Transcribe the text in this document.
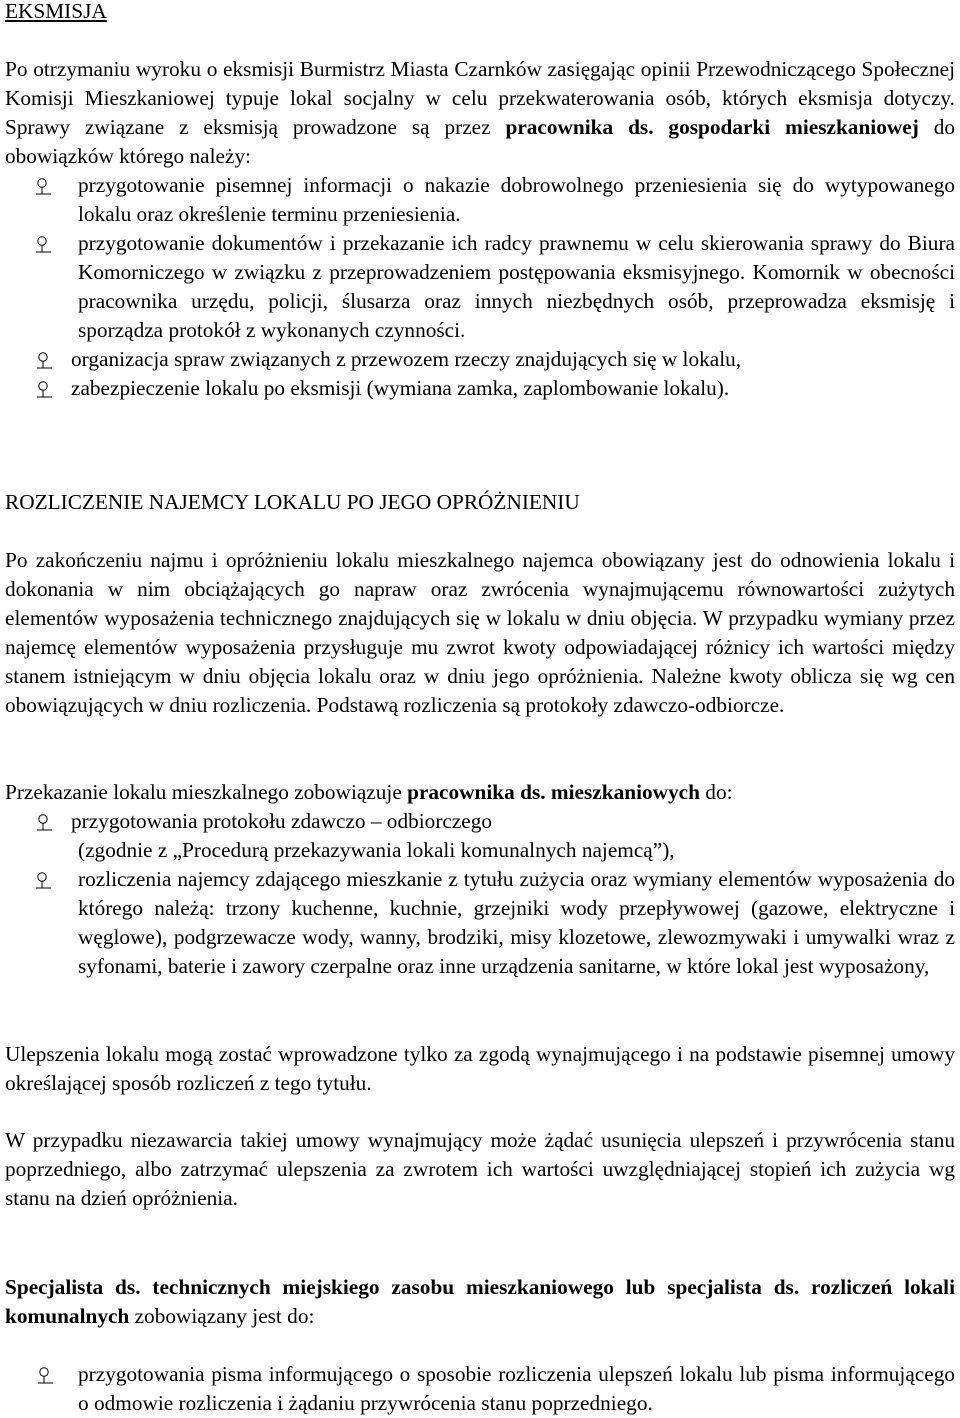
EKSMISJA

Po otrzymaniu wyroku o eksmisji Burmistrz Miasta Czarnków zasięgając opinii Przewodniczącego Społecznej Komisji Mieszkaniowej typuje lokal socjalny w celu przekwaterowania osób, których eksmisja dotyczy. Sprawy związane z eksmisją prowadzone są przez pracownika ds. gospodarki mieszkaniowej do obowiązków którego należy:

przygotowanie pisemnej informacji o nakazie dobrowolnego przeniesienia się do wytypowanego lokalu oraz określenie terminu przeniesienia.
przygotowanie dokumentów i przekazanie ich radcy prawnemu w celu skierowania sprawy do Biura Komorniczego w związku z przeprowadzeniem postępowania eksmisyjnego. Komornik w obecności pracownika urzędu, policji, ślusarza oraz innych niezbędnych osób, przeprowadza eksmisję i sporządza protokół z wykonanych czynności.
organizacja spraw związanych z przewozem rzeczy znajdujących się w lokalu,
zabezpieczenie lokalu po eksmisji (wymiana zamka, zaplombowanie lokalu).
ROZLICZENIE NAJEMCY LOKALU PO JEGO OPRÓŻNIENIU

Po zakończeniu najmu i opróżnieniu lokalu mieszkalnego najemca obowiązany jest do odnowienia lokalu i dokonania w nim obciążających go napraw oraz zwrócenia wynajmującemu równowartości zużytych elementów wyposażenia technicznego znajdujących się w lokalu w dniu objęcia. W przypadku wymiany przez najemcę elementów wyposażenia przysługuje mu zwrot kwoty odpowiadającej różnicy ich wartości między stanem istniejącym w dniu objęcia lokalu oraz w dniu jego opróżnienia. Należne kwoty oblicza się wg cen obowiązujących w dniu rozliczenia. Podstawą rozliczenia są protokoły zdawczo-odbiorcze.

Przekazanie lokalu mieszkalnego zobowiązuje pracownika ds. mieszkaniowych do:

przygotowania protokołu zdawczo – odbiorczego
(zgodnie z „Procedurą przekazywania lokali komunalnych najemcą”),
rozliczenia najemcy zdającego mieszkanie z tytułu zużycia oraz wymiany elementów wyposażenia do którego należą: trzony kuchenne, kuchnie, grzejniki wody przepływowej (gazowe, elektryczne i węglowe), podgrzewacze wody, wanny, brodziki, misy klozetowe, zlewozmywaki i umywalki wraz z syfonami, baterie i zawory czerpalne oraz inne urządzenia sanitarne, w które lokal jest wyposażony,

Ulepszenia lokalu mogą zostać wprowadzone tylko za zgodą wynajmującego i na podstawie pisemnej umowy określającej sposób rozliczeń z tego tytułu.

W przypadku niezawarcia takiej umowy wynajmujący może żądać usunięcia ulepszeń i przywrócenia stanu poprzedniego, albo zatrzymać ulepszenia za zwrotem ich wartości uwzględniającej stopień ich zużycia wg stanu na dzień opróżnienia.

Specjalista ds. technicznych miejskiego zasobu mieszkaniowego lub specjalista ds. rozliczeń lokali komunalnych zobowiązany jest do:

przygotowania pisma informującego o sposobie rozliczenia ulepszeń lokalu lub pisma informującego o odmowie rozliczenia i żądaniu przywrócenia stanu poprzedniego.
